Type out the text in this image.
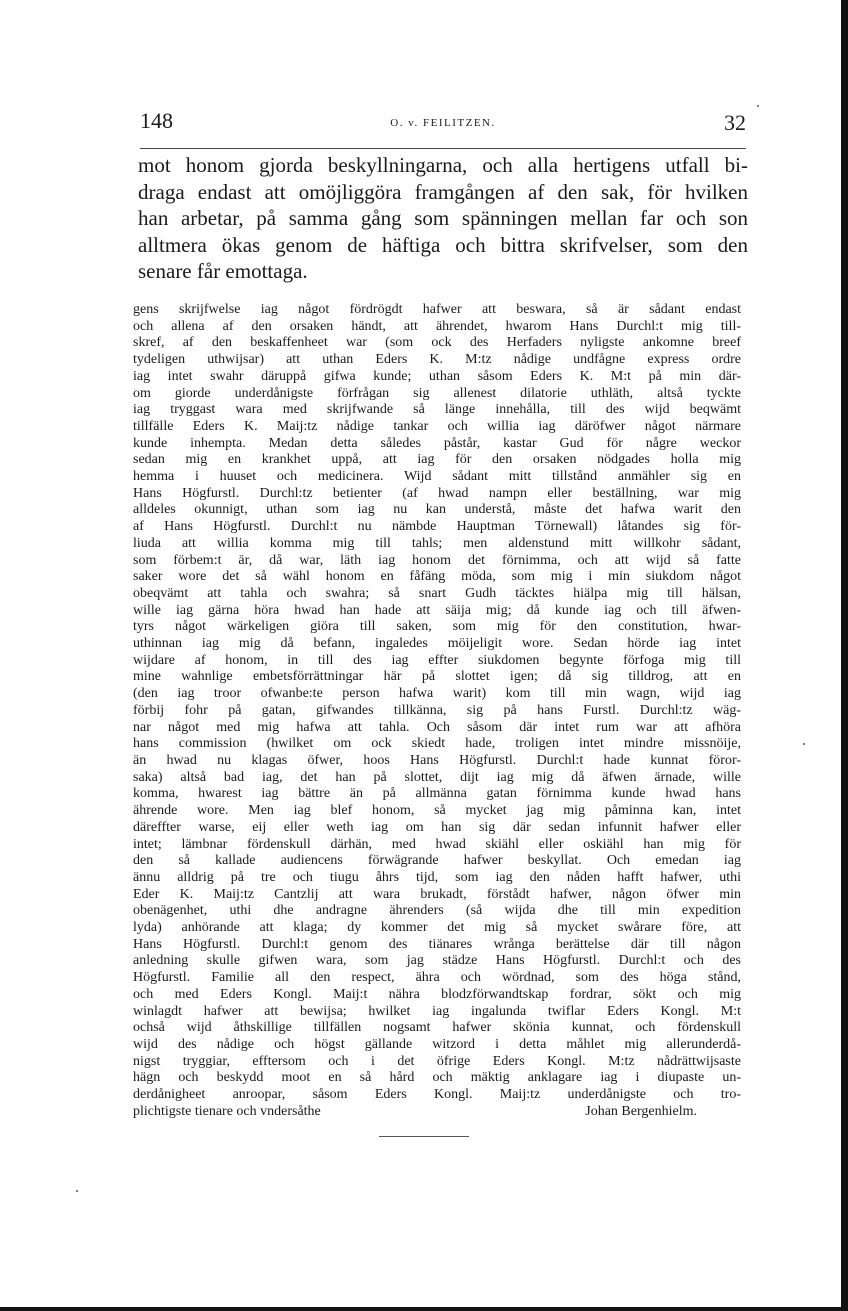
148	O. v. FEILITZEN.	32
mot honom gjorda beskyllningarna, och alla hertigens utfall bi-
draga endast att omöjliggöra framgången af den sak, för hvilken
han arbetar, på samma gång som spänningen mellan far och son
alltmera ökas genom de häftiga och bittra skrifvelser, som den
senare får emottaga.
gens skrijfwelse iag något fördrögdt hafwer att beswara, så är sådant endast
och allena af den orsaken händt, att ährendet, hwarom Hans Durchl:t mig till-
skref, af den beskaffenheet war (som ock des Herfaders nyligste ankomne breef
tydeligen uthwijsar) att uthan Eders K. M:tz nådige undfågne express ordre
iag intet swahr däruppå gifwa kunde; uthan såsom Eders K. M:t på min där-
om giorde underdånigste förfrågan sig allenest dilatorie uthläth, altså tyckte
iag tryggast wara med skrijfwande så länge innehålla, till des wijd beqwämt
tillfälle Eders K. Maij:tz nådige tankar och willia iag däröfwer något närmare
kunde inhempta. Medan detta således påstår, kastar Gud för någre weckor
sedan mig en krankhet uppå, att iag för den orsaken nödgades holla mig
hemma i huuset och medicinera. Wijd sådant mitt tillstånd anmähler sig en
Hans Högfurstl. Durchl:tz betienter (af hwad nampn eller beställning, war mig
alldeles okunnigt, uthan som iag nu kan understå, måste det hafwa warit den
af Hans Högfurstl. Durchl:t nu nämbde Hauptman Törnewall) låtandes sig för-
liuda att willia komma mig till tahls; men aldenstund mitt willkohr sådant,
som förbem:t är, då war, läth iag honom det förnimma, och att wijd så fatte
saker wore det så wähl honom en fåfäng möda, som mig i min siukdom något
obeqvämt att tahla och swahra; så snart Gudh täcktes hiälpa mig till hälsan,
wille iag gärna höra hwad han hade att säija mig; då kunde iag och till äfwen-
tyrs något wärkeligen giöra till saken, som mig för den constitution, hwar-
uthinnan iag mig då befann, ingaledes möijeligit wore. Sedan hörde iag intet
wijdare af honom, in till des iag effter siukdomen begynte förfoga mig till
mine wahnlige embetsförrättningar här på slottet igen; då sig tilldrog, att en
(den iag troor ofwanbe:te person hafwa warit) kom till min wagn, wijd iag
förbij fohr på gatan, gifwandes tillkänna, sig på hans Furstl. Durchl:tz wäg-
nar något med mig hafwa att tahla. Och såsom där intet rum war att afhöra
hans commission (hwilket om ock skiedt hade, troligen intet mindre missnöije,
än hwad nu klagas öfwer, hoos Hans Högfurstl. Durchl:t hade kunnat föror-
saka) altså bad iag, det han på slottet, dijt iag mig då äfwen ärnade, wille
komma, hwarest iag bättre än på allmänna gatan förnimma kunde hwad hans
ährende wore. Men iag blef honom, så mycket jag mig påminna kan, intet
däreffter warse, eij eller weth iag om han sig där sedan infunnit hafwer eller
intet; lämbnar fördenskull därhän, med hwad skiähl eller oskiähl han mig för
den så kallade audiencens förwägrande hafwer beskyllat. Och emedan iag
ännu alldrig på tre och tiugu åhrs tijd, som iag den nåden hafft hafwer, uthi
Eder K. Maij:tz Cantzlij att wara brukadt, förstådt hafwer, någon öfwer min
obenägenhet, uthi dhe andragne ährenders (så wijda dhe till min expedition
lyda) anhörande att klaga; dy kommer det mig så mycket swårare före, att
Hans Högfurstl. Durchl:t genom des tiänares wrånga berättelse där till någon
anledning skulle gifwen wara, som jag städze Hans Högfurstl. Durchl:t och des
Högfurstl. Familie all den respect, ähra och wördnad, som des höga stånd,
och med Eders Kongl. Maij:t nähra blodzförwandtskap fordrar, sökt och mig
winlagdt hafwer att bewijsa; hwilket iag ingalunda twiflar Eders Kongl. M:t
ochså wijd åthskillige tillfällen nogsamt hafwer skönia kunnat, och fördenskull
wijd des nådige och högst gällande witzord i detta måhlet mig allerunderdå-
nigst tryggiar, efftersom och i det öfrige Eders Kongl. M:tz nådrättwijsaste
hägn och beskydd moot en så hård och mäktig anklagare iag i diupaste un-
derdånigheet anroopar, såsom Eders Kongl. Maij:tz underdånigste och tro-
plichtigste tienare och vndersåthe	Johan Bergenhielm.
